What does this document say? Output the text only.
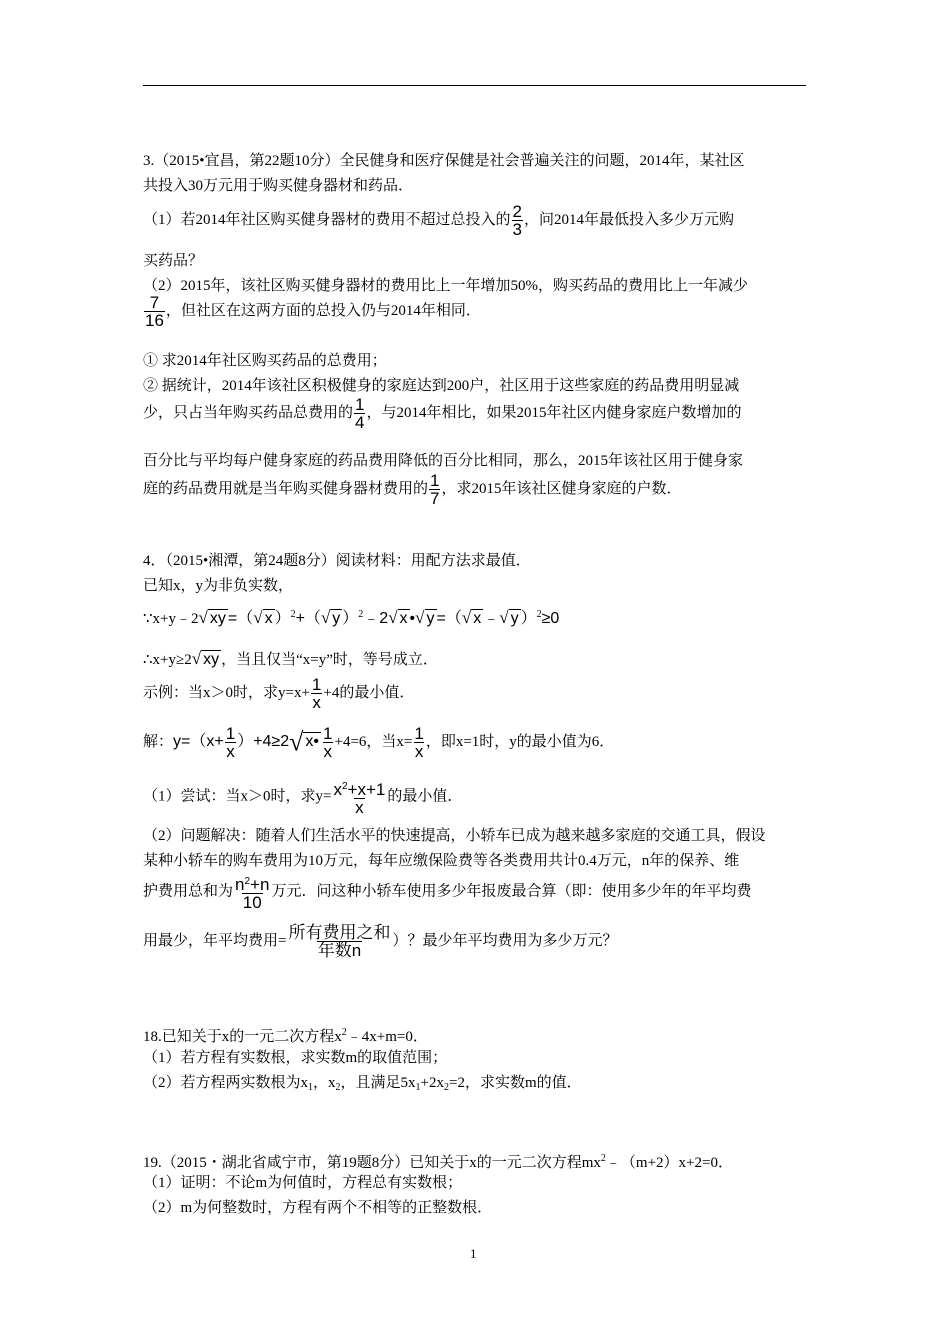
3.（2015•宜昌，第22题10分）全民健身和医疗保健是社会普遍关注的问题，2014年，某社区
共投入30万元用于购买健身器材和药品．
（1）若2014年社区购买健身器材的费用不超过总投入的 $\frac{2}{3}$ ，问2014年最低投入多少万元购
买药品？
（2）2015年，该社区购买健身器材的费用比上一年增加50%，购买药品的费用比上一年减少
$\frac{7}{16}$ ，但社区在这两方面的总投入仍与2014年相同．
① 求2014年社区购买药品的总费用；
② 据统计，2014年该社区积极健身的家庭达到200户，社区用于这些家庭的药品费用明显减
少，只占当年购买药品总费用的 $\frac{1}{4}$ ，与2014年相比，如果2015年社区内健身家庭户数增加的
百分比与平均每户健身家庭的药品费用降低的百分比相同，那么，2015年该社区用于健身家
庭的药品费用就是当年购买健身器材费用的 $\frac{1}{7}$ ，求2015年该社区健身家庭的户数．
4．（2015•湘潭，第24题8分）阅读材料：用配方法求最值．
已知x，y为非负实数，
∵x+y﹣2√ xy =（√ x ）$^2$+（√ y ）$^2$﹣2√ x •√ y =（√ x ﹣√ y ）$^2$≥0
∴x+y≥2√ xy ，当且仅当“x=y”时，等号成立．
示例：当x＞0时，求$y=x+ \frac{1}{x} +4$的最小值．
解：$y=(x+ \frac{1}{x} )+4\ge 2√$ x• $\frac{1}{x} +4=6$，当$x= \frac{1}{x}$ ，即x=1时，y的最小值为6．
（1）尝试：当x＞0时，求$y= \frac{x^2+x+1}{x}$ 的最小值．
（2）问题解决：随着人们生活水平的快速提高，小轿车已成为越来越多家庭的交通工具，假设
某种小轿车的购车费用为10万元，每年应缴保险费等各类费用共计0.4万元，n年的保养、维
护费用总和为 $\frac{n^2+n}{10}$ 万元．问这种小轿车使用多少年报废最合算（即：使用多少年的年平均费
用最少，年平均费用= $\frac{\text{所有费用之和}}{\text{年数n}}$ ）？最少年平均费用为多少万元？
18.已知关于x的一元二次方程$x^2﹣4x+m=0$．
（1）若方程有实数根，求实数m的取值范围；
（2）若方程两实数根为$x_1$，$x_2$，且满足$5x_1+2x_2=2$，求实数m的值．
19.（2015・湖北省咸宁市，第19题8分）已知关于x的一元二次方程$mx^2﹣(m+2)x+2=0$．
（1）证明：不论m为何值时，方程总有实数根；
（2）m为何整数时，方程有两个不相等的正整数根．
1
